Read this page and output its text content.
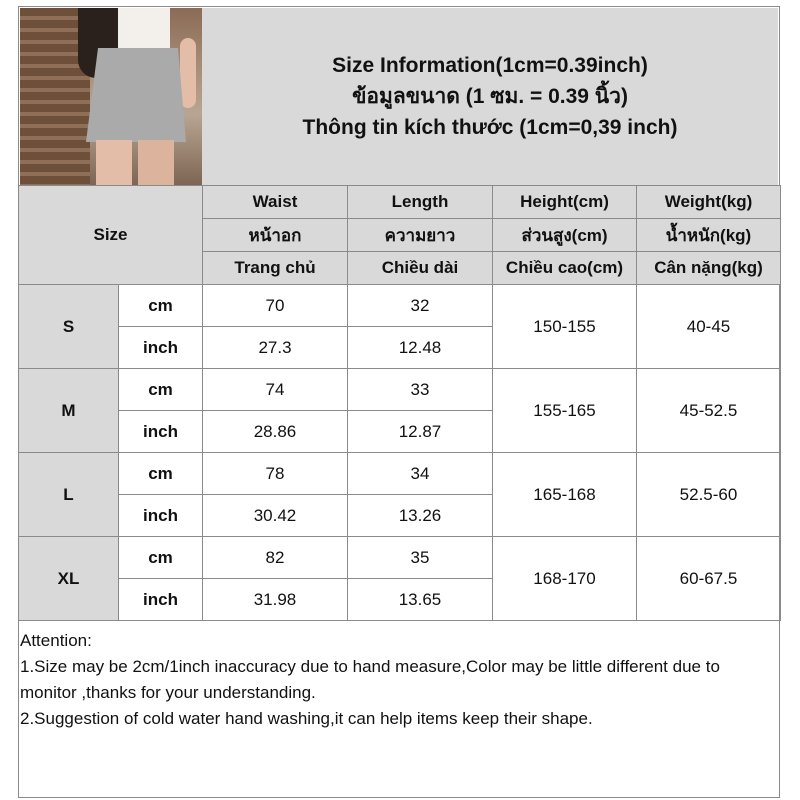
Size Information(1cm=0.39inch)
ข้อมูลขนาด (1 ซม. = 0.39 นิ้ว)
Thông tin kích thước (1cm=0,39 inch)
Size		Waist	Length	Height(cm)	Weight(kg)
		หน้าอก	ความยาว	ส่วนสูง(cm)	น้ำหนัก(kg)
		Trang chủ	Chiều dài	Chiều cao(cm)	Cân nặng(kg)
S	cm	70	32	150-155	40-45
	inch	27.3	12.48		
M	cm	74	33	155-165	45-52.5
	inch	28.86	12.87		
L	cm	78	34	165-168	52.5-60
	inch	30.42	13.26		
XL	cm	82	35	168-170	60-67.5
	inch	31.98	13.65		
Attention:
1.Size may be 2cm/1inch inaccuracy due to hand measure,Color may be little different due to monitor ,thanks for your understanding.
2.Suggestion of cold water hand washing,it can help items keep their shape.
